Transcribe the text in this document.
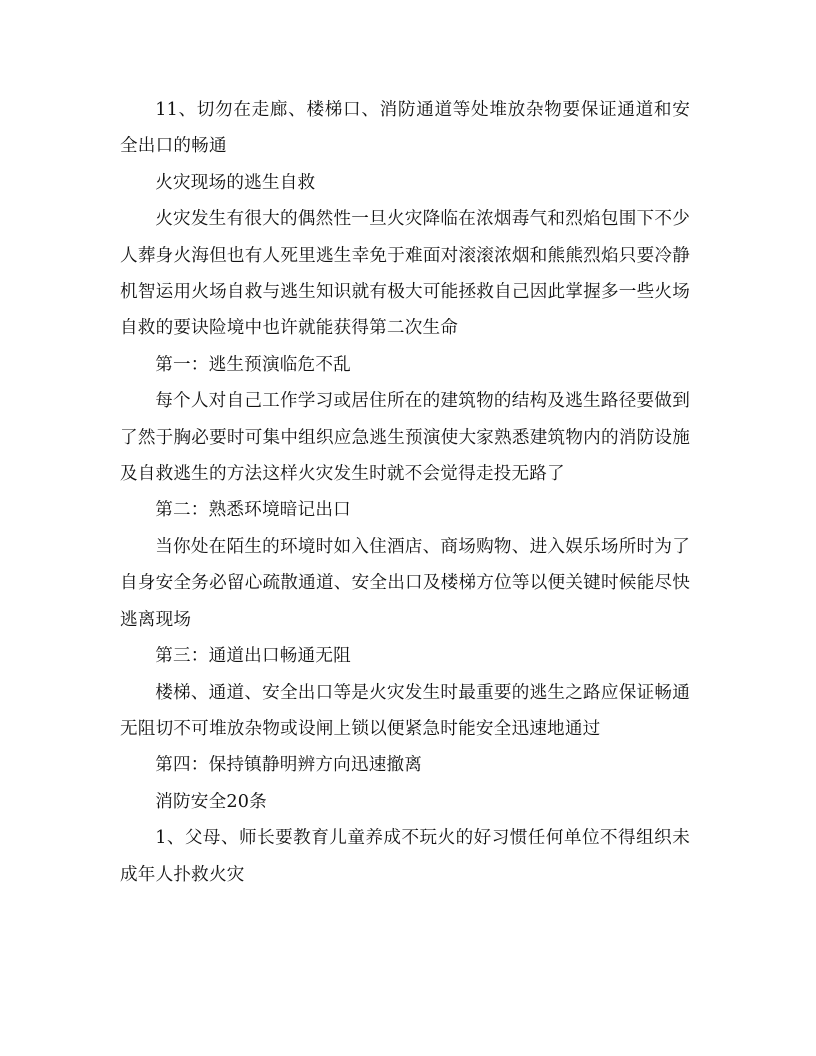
11、切勿在走廊、楼梯口、消防通道等处堆放杂物要保证通道和安全出口的畅通

火灾现场的逃生自救

火灾发生有很大的偶然性一旦火灾降临在浓烟毒气和烈焰包围下不少人葬身火海但也有人死里逃生幸免于难面对滚滚浓烟和熊熊烈焰只要冷静机智运用火场自救与逃生知识就有极大可能拯救自己因此掌握多一些火场自救的要诀险境中也许就能获得第二次生命

第一：逃生预演临危不乱

每个人对自己工作学习或居住所在的建筑物的结构及逃生路径要做到了然于胸必要时可集中组织应急逃生预演使大家熟悉建筑物内的消防设施及自救逃生的方法这样火灾发生时就不会觉得走投无路了

第二：熟悉环境暗记出口

当你处在陌生的环境时如入住酒店、商场购物、进入娱乐场所时为了自身安全务必留心疏散通道、安全出口及楼梯方位等以便关键时候能尽快逃离现场

第三：通道出口畅通无阻

楼梯、通道、安全出口等是火灾发生时最重要的逃生之路应保证畅通无阻切不可堆放杂物或设闸上锁以便紧急时能安全迅速地通过

第四：保持镇静明辨方向迅速撤离

消防安全20条

1、父母、师长要教育儿童养成不玩火的好习惯任何单位不得组织未成年人扑救火灾
